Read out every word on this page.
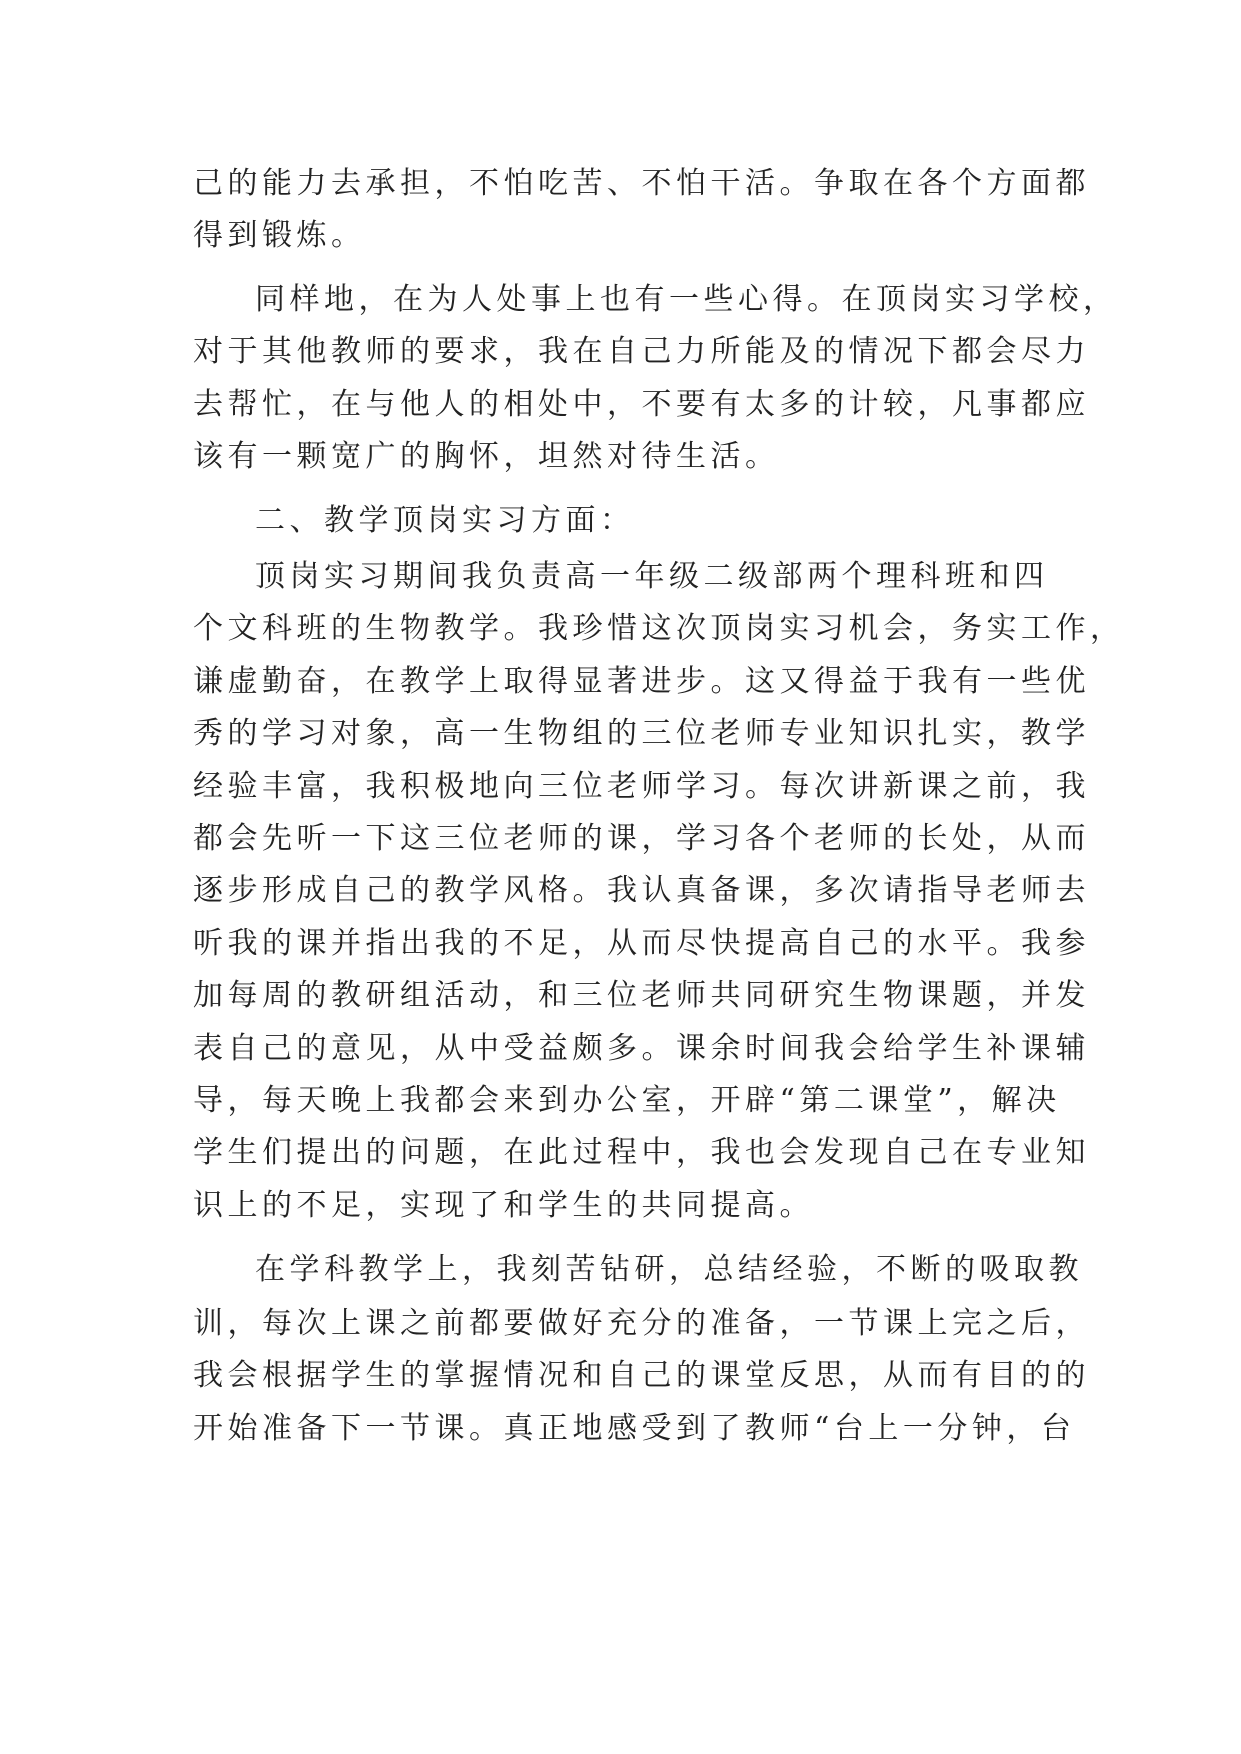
己的能力去承担，不怕吃苦、不怕干活。争取在各个方面都
得到锻炼。
同样地，在为人处事上也有一些心得。在顶岗实习学校，
对于其他教师的要求，我在自己力所能及的情况下都会尽力
去帮忙，在与他人的相处中，不要有太多的计较，凡事都应
该有一颗宽广的胸怀，坦然对待生活。
二、教学顶岗实习方面：
顶岗实习期间我负责高一年级二级部两个理科班和四
个文科班的生物教学。我珍惜这次顶岗实习机会，务实工作，
谦虚勤奋，在教学上取得显著进步。这又得益于我有一些优
秀的学习对象，高一生物组的三位老师专业知识扎实，教学
经验丰富，我积极地向三位老师学习。每次讲新课之前，我
都会先听一下这三位老师的课，学习各个老师的长处，从而
逐步形成自己的教学风格。我认真备课，多次请指导老师去
听我的课并指出我的不足，从而尽快提高自己的水平。我参
加每周的教研组活动，和三位老师共同研究生物课题，并发
表自己的意见，从中受益颇多。课余时间我会给学生补课辅
导，每天晚上我都会来到办公室，开辟“第二课堂”，解决
学生们提出的问题，在此过程中，我也会发现自己在专业知
识上的不足，实现了和学生的共同提高。
在学科教学上，我刻苦钻研，总结经验，不断的吸取教
训，每次上课之前都要做好充分的准备，一节课上完之后，
我会根据学生的掌握情况和自己的课堂反思，从而有目的的
开始准备下一节课。真正地感受到了教师“台上一分钟，台
